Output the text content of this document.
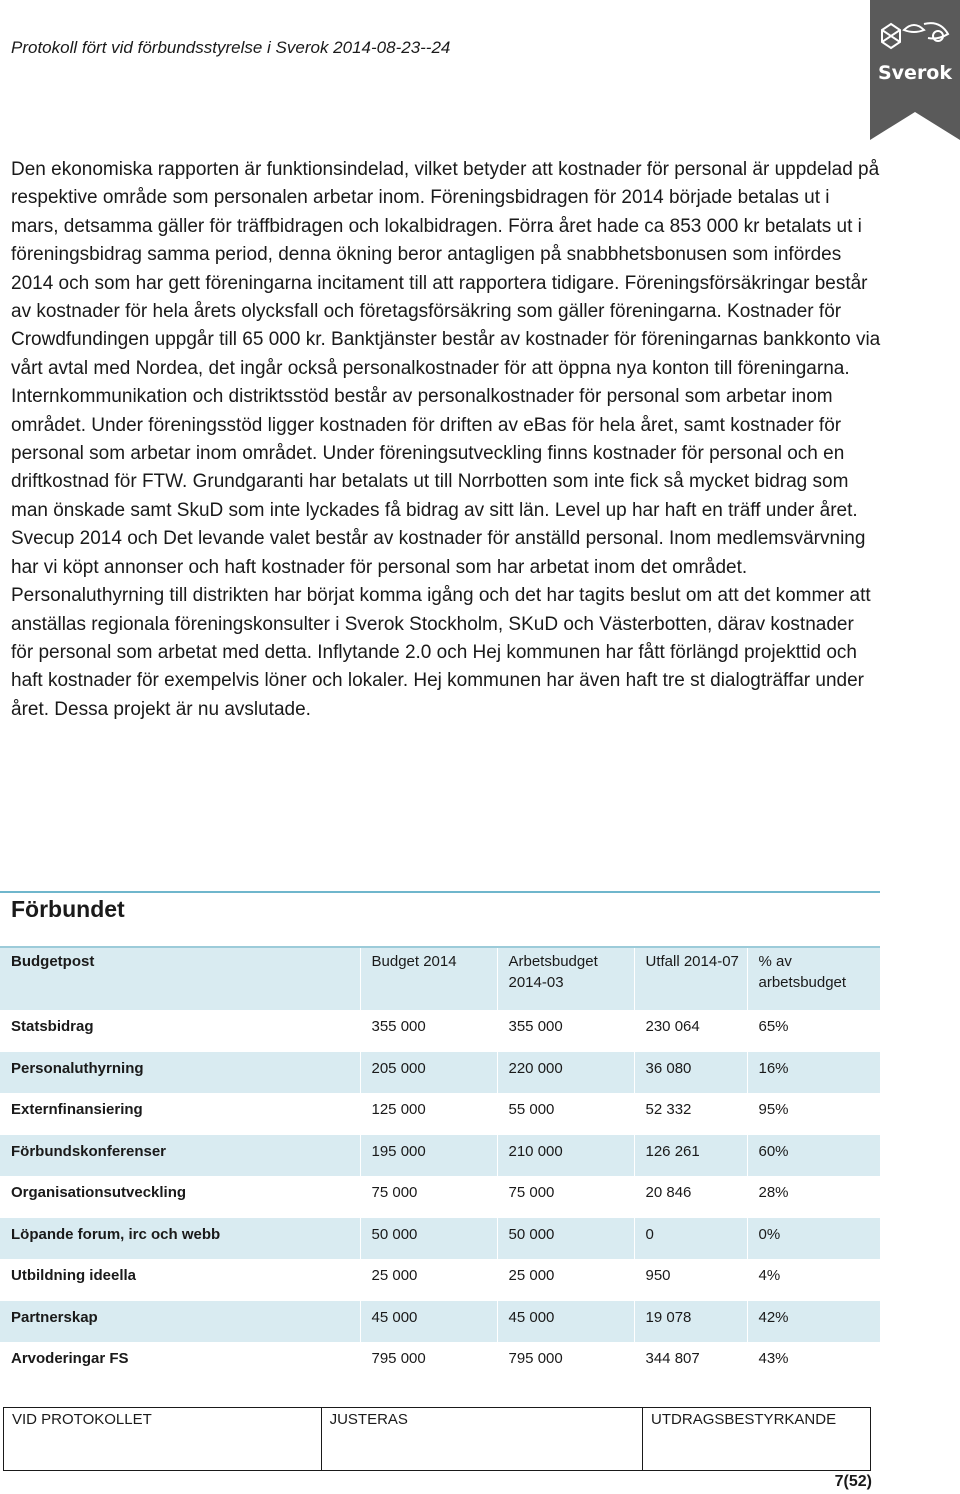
Protokoll fört vid förbundsstyrelse i Sverok 2014-08-23--24
Sverok

Den ekonomiska rapporten är funktionsindelad, vilket betyder att kostnader för personal är uppdelad på respektive område som personalen arbetar inom. Föreningsbidragen för 2014 började betalas ut i mars, detsamma gäller för träffbidragen och lokalbidragen. Förra året hade ca 853 000 kr betalats ut i föreningsbidrag samma period, denna ökning beror antagligen på snabbhetsbonusen som infördes 2014 och som har gett föreningarna incitament till att rapportera tidigare. Föreningsförsäkringar består av kostnader för hela årets olycksfall och företagsförsäkring som gäller föreningarna. Kostnader för Crowdfundingen uppgår till 65 000 kr. Banktjänster består av kostnader för föreningarnas bankkonto via vårt avtal med Nordea, det ingår också personalkostnader för att öppna nya konton till föreningarna. Internkommunikation och distriktsstöd består av personalkostnader för personal som arbetar inom området. Under föreningsstöd ligger kostnaden för driften av eBas för hela året, samt kostnader för personal som arbetar inom området. Under föreningsutveckling finns kostnader för personal och en driftkostnad för FTW. Grundgaranti har betalats ut till Norrbotten som inte fick så mycket bidrag som man önskade samt SkuD som inte lyckades få bidrag av sitt län. Level up har haft en träff under året. Svecup 2014 och Det levande valet består av kostnader för anställd personal. Inom medlemsvärvning har vi köpt annonser och haft kostnader för personal som har arbetat inom det området. Personaluthyrning till distrikten har börjat komma igång och det har tagits beslut om att det kommer att anställas regionala föreningskonsulter i Sverok Stockholm, SKuD och Västerbotten, därav kostnader för personal som arbetat med detta. Inflytande 2.0 och Hej kommunen har fått förlängd projekttid och haft kostnader för exempelvis löner och lokaler. Hej kommunen har även haft tre st dialogträffar under året. Dessa projekt är nu avslutade.

Förbundet
Budgetpost	Budget 2014	Arbetsbudget 2014-03	Utfall 2014-07	% av arbetsbudget
Statsbidrag	355 000	355 000	230 064	65%
Personaluthyrning	205 000	220 000	36 080	16%
Externfinansiering	125 000	55 000	52 332	95%
Förbundskonferenser	195 000	210 000	126 261	60%
Organisationsutveckling	75 000	75 000	20 846	28%
Löpande forum, irc och webb	50 000	50 000	0	0%
Utbildning ideella	25 000	25 000	950	4%
Partnerskap	45 000	45 000	19 078	42%
Arvoderingar FS	795 000	795 000	344 807	43%
VID PROTOKOLLET	JUSTERAS	UTDRAGSBESTYRKANDE
7(52)
